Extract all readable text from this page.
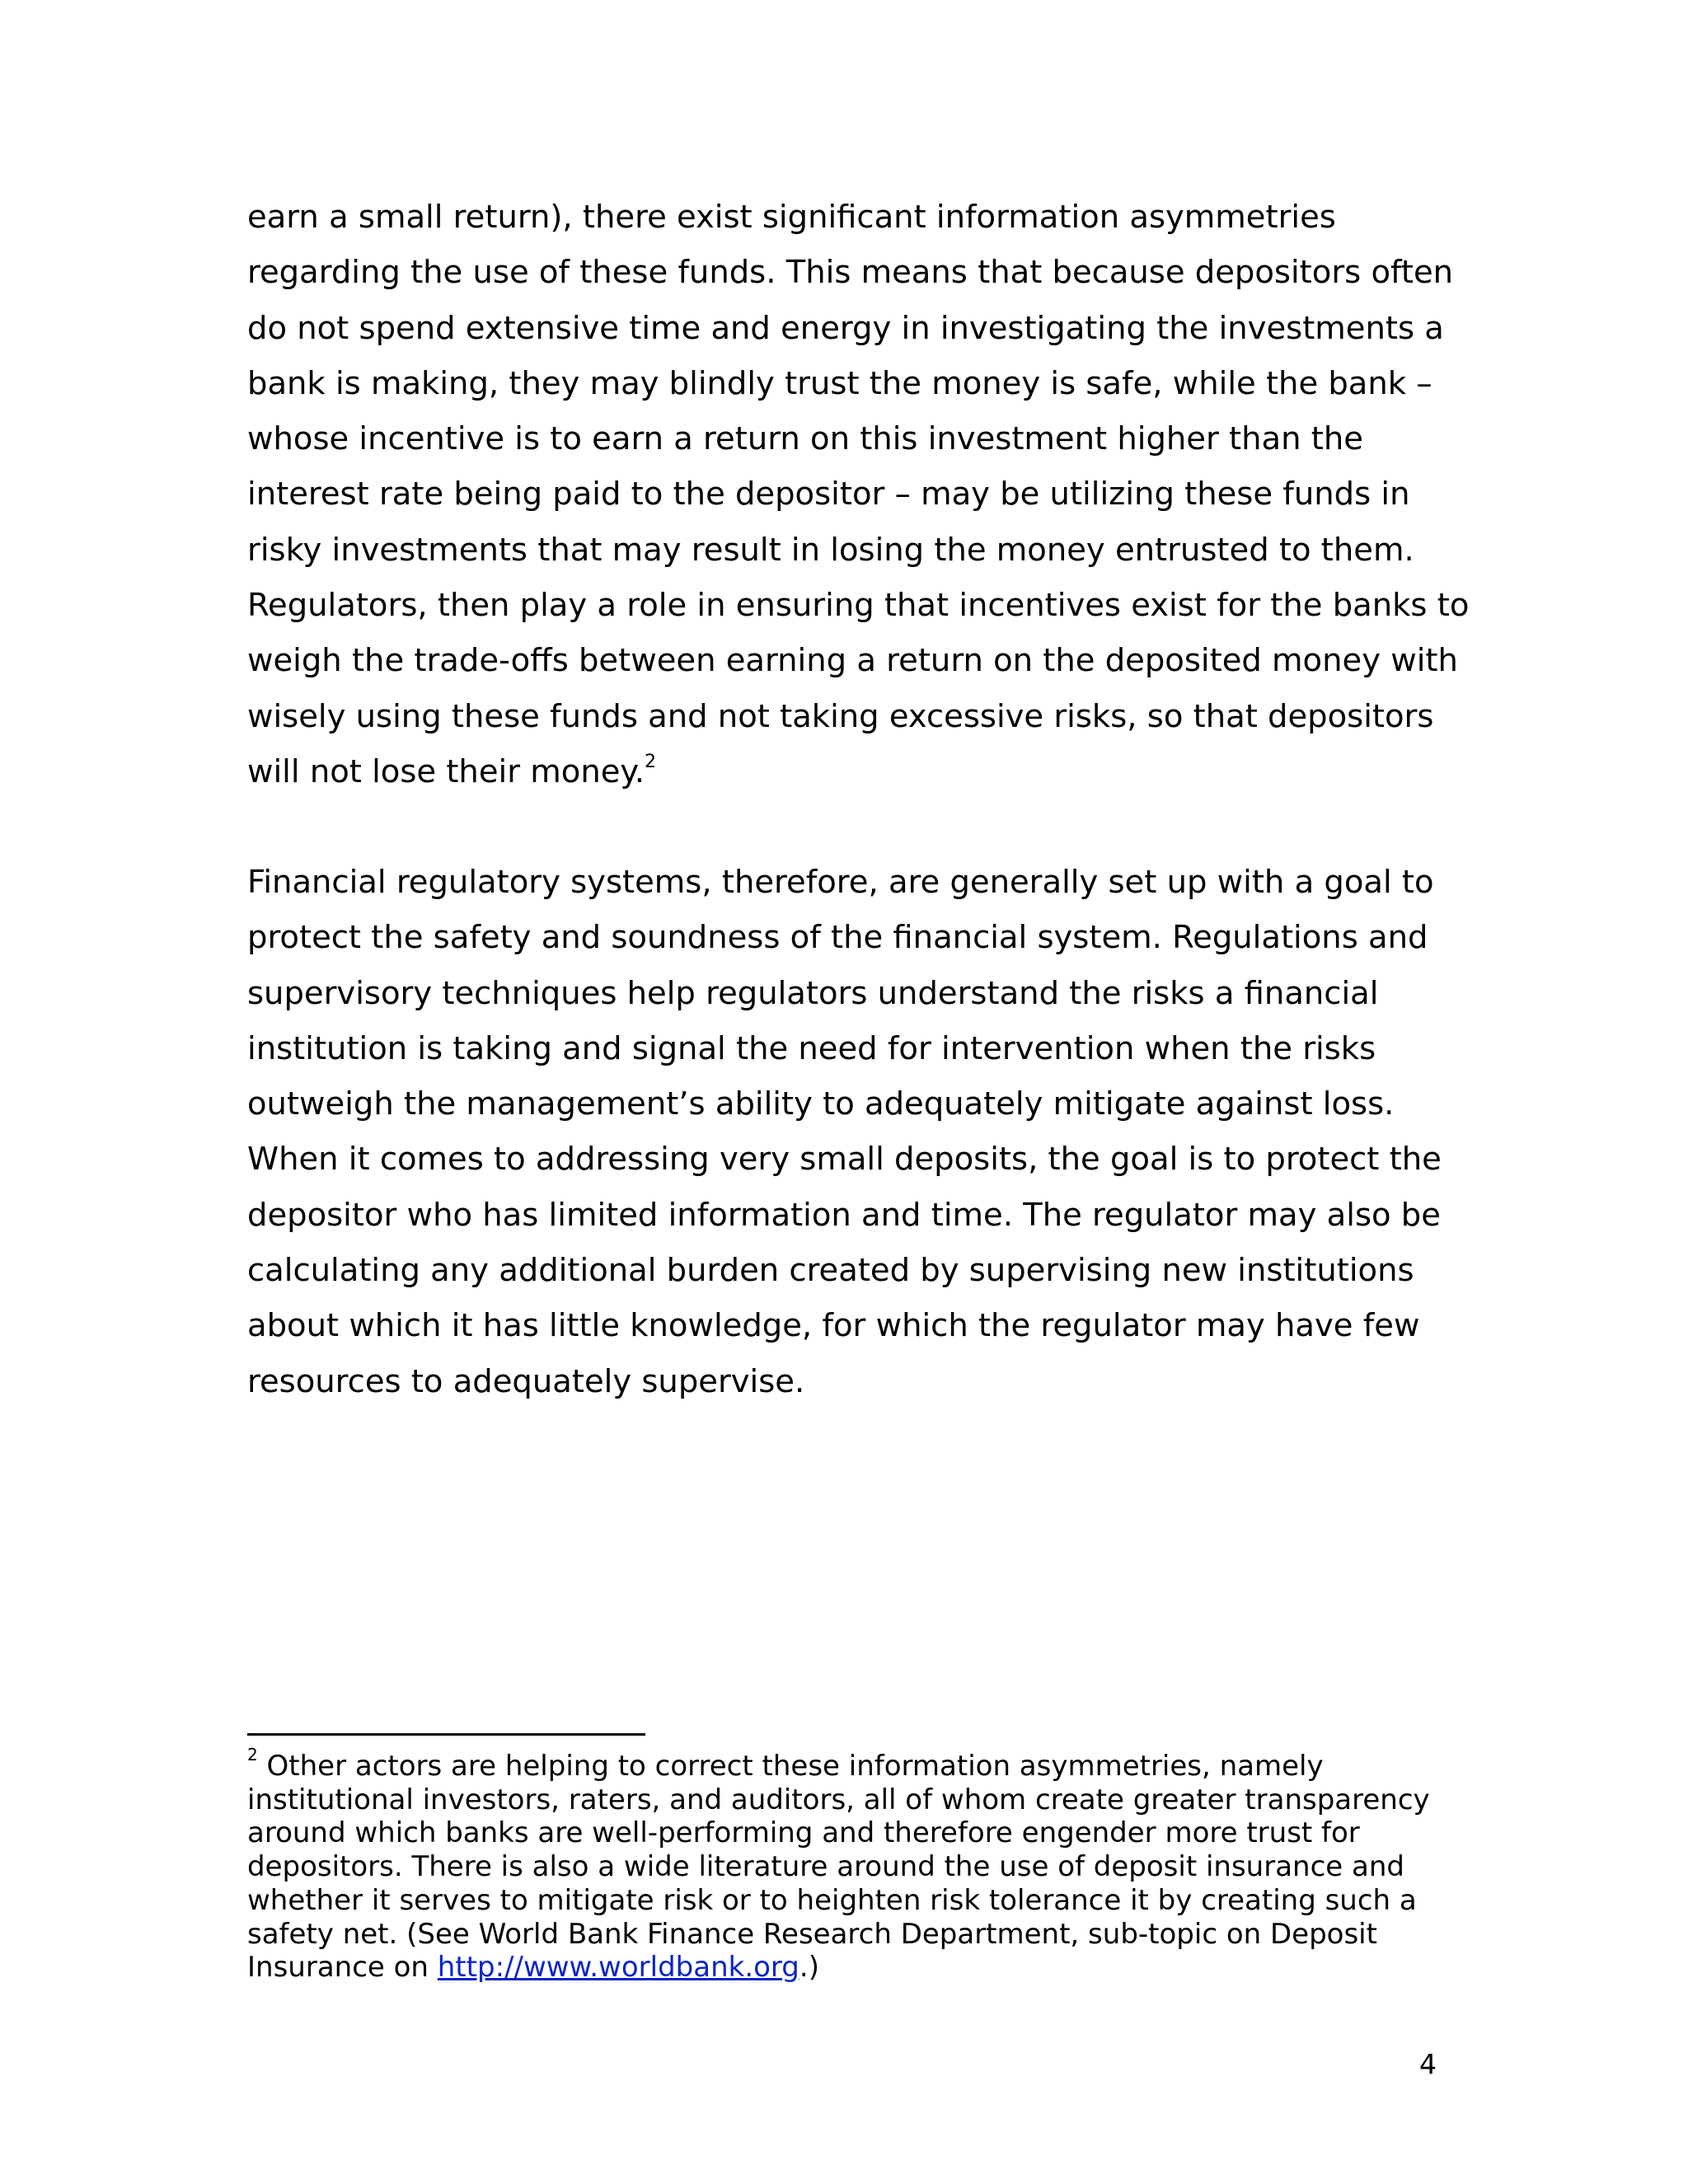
earn a small return), there exist significant information asymmetries
regarding the use of these funds. This means that because depositors often
do not spend extensive time and energy in investigating the investments a
bank is making, they may blindly trust the money is safe, while the bank –
whose incentive is to earn a return on this investment higher than the
interest rate being paid to the depositor – may be utilizing these funds in
risky investments that may result in losing the money entrusted to them.
Regulators, then play a role in ensuring that incentives exist for the banks to
weigh the trade-offs between earning a return on the deposited money with
wisely using these funds and not taking excessive risks, so that depositors
will not lose their money.$^2$

Financial regulatory systems, therefore, are generally set up with a goal to
protect the safety and soundness of the financial system. Regulations and
supervisory techniques help regulators understand the risks a financial
institution is taking and signal the need for intervention when the risks
outweigh the management’s ability to adequately mitigate against loss.
When it comes to addressing very small deposits, the goal is to protect the
depositor who has limited information and time. The regulator may also be
calculating any additional burden created by supervising new institutions
about which it has little knowledge, for which the regulator may have few
resources to adequately supervise.

$^2$ Other actors are helping to correct these information asymmetries, namely
institutional investors, raters, and auditors, all of whom create greater transparency
around which banks are well-performing and therefore engender more trust for
depositors. There is also a wide literature around the use of deposit insurance and
whether it serves to mitigate risk or to heighten risk tolerance it by creating such a
safety net. (See World Bank Finance Research Department, sub-topic on Deposit
Insurance on http://www.worldbank.org.)

4
